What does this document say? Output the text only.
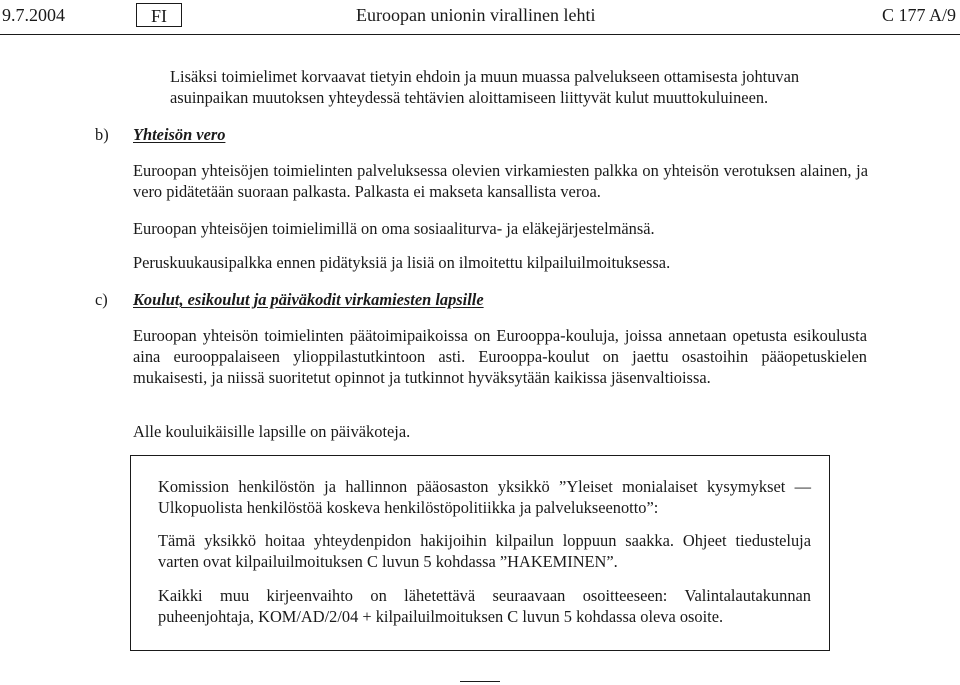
9.7.2004	FI	Euroopan unionin virallinen lehti	C 177 A/9
Lisäksi toimielimet korvaavat tietyin ehdoin ja muun muassa palvelukseen ottamisesta johtuvan asuinpaikan muutoksen yhteydessä tehtävien aloittamiseen liittyvät kulut muuttokuluineen.
b) Yhteisön vero
Euroopan yhteisöjen toimielinten palveluksessa olevien virkamiesten palkka on yhteisön verotuksen alainen, ja vero pidätetään suoraan palkasta. Palkasta ei makseta kansallista veroa.
Euroopan yhteisöjen toimielimillä on oma sosiaaliturva- ja eläkejärjestelmänsä.
Peruskuukausipalkka ennen pidätyksiä ja lisiä on ilmoitettu kilpailuilmoituksessa.
c) Koulut, esikoulut ja päiväkodit virkamiesten lapsille
Euroopan yhteisön toimielinten päätoimipaikoissa on Eurooppa-kouluja, joissa annetaan opetusta esikoulusta aina eurooppalaiseen ylioppilastutkintoon asti. Eurooppa-koulut on jaettu osastoihin pääopetuskielen mukaisesti, ja niissä suoritetut opinnot ja tutkinnot hyväksytään kaikissa jäsenvaltioissa.
Alle kouluikäisille lapsille on päiväkoteja.
Komission henkilöstön ja hallinnon pääosaston yksikkö ”Yleiset monialaiset kysymykset — Ulkopuolista henkilöstöä koskeva henkilöstöpolitiikka ja palvelukseenotto”:
Tämä yksikkö hoitaa yhteydenpidon hakijoihin kilpailun loppuun saakka. Ohjeet tiedusteluja varten ovat kilpailuilmoituksen C luvun 5 kohdassa ”HAKEMINEN”.
Kaikki muu kirjeenvaihto on lähetettävä seuraavaan osoitteeseen: Valintalautakunnan puheenjohtaja, KOM/AD/2/04 + kilpailuilmoituksen C luvun 5 kohdassa oleva osoite.
